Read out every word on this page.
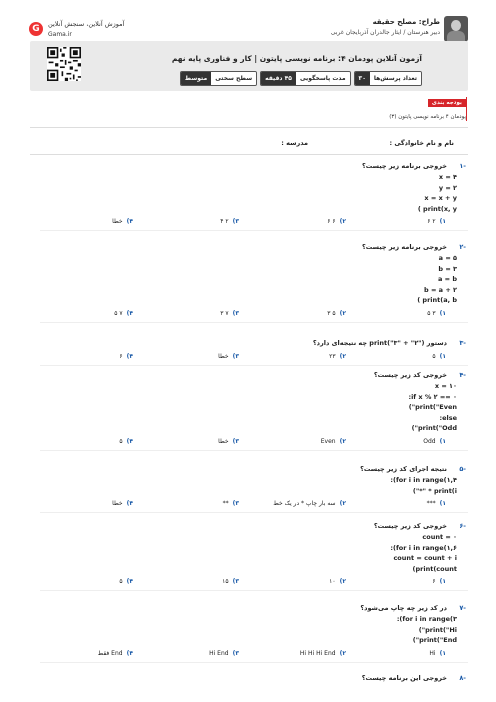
طراح: مصلح حقیقه
دبیر هنرستان / ایثار جالدران آذربایجان غربی
G	آموزش آنلاین، سنجش آنلاین
Gama.ir
آزمون آنلاین پودمان ۴: برنامه نویسی پایتون | کار و فناوری پایه نهم
تعداد پرسش‌ها
۳۰
مدت پاسخگویی
۴۵ دقیقه
سطح سختی
متوسط
بودجه بندی
پودمان ۴ برنامه نویسی پایتون (۳)
نام و نام خانوادگی :
مدرسه :
۱-
خروجی برنامه زیر چیست؟
x = ۴
y = ۲
x = x + y
( print(x, y
۱)
۲ ۶
۲)
۶ ۶
۳)
۲ ۴
۴)
خطا
۲-
خروجی برنامه زیر چیست؟
a = ۵
b = ۳
a = b
b = a + ۲
( print(a, b
۱)
۳ ۵
۲)
۵ ۳
۳)
۷ ۳
۴)
۷ ۵
۳-
دستور ("۲" + "۳")print چه نتیجه‌ای دارد؟
۱)
۵
۲)
۲۳
۳)
خطا
۴)
۶
۴-
خروجی کد زیر چیست؟
x = ۱۰
:if x % ۲ == ۰
("print("Even
:else
("print("Odd
۱)
Odd
۲)
Even
۳)
خطا
۴)
۵
۵-
نتیجه اجرای کد زیر چیست؟
:(for i in range(۱,۴
("*" * print(i
۱)
***
۲)
سه بار چاپ * در یک خط
۳)
**
۴)
خطا
۶-
خروجی کد زیر چیست؟
count = ۰
:(for i in range(۱,۶
count = count + i
(print(count
۱)
۶
۲)
۱۰
۳)
۱۵
۴)
۵
۷-
در کد زیر چه چاپ می‌شود؟
:(for i in range(۳
("print("Hi
("print("End
۱)
Hi
۲)
Hi Hi Hi End
۳)
Hi End
۴)
End فقط
۸-
خروجی این برنامه چیست؟
